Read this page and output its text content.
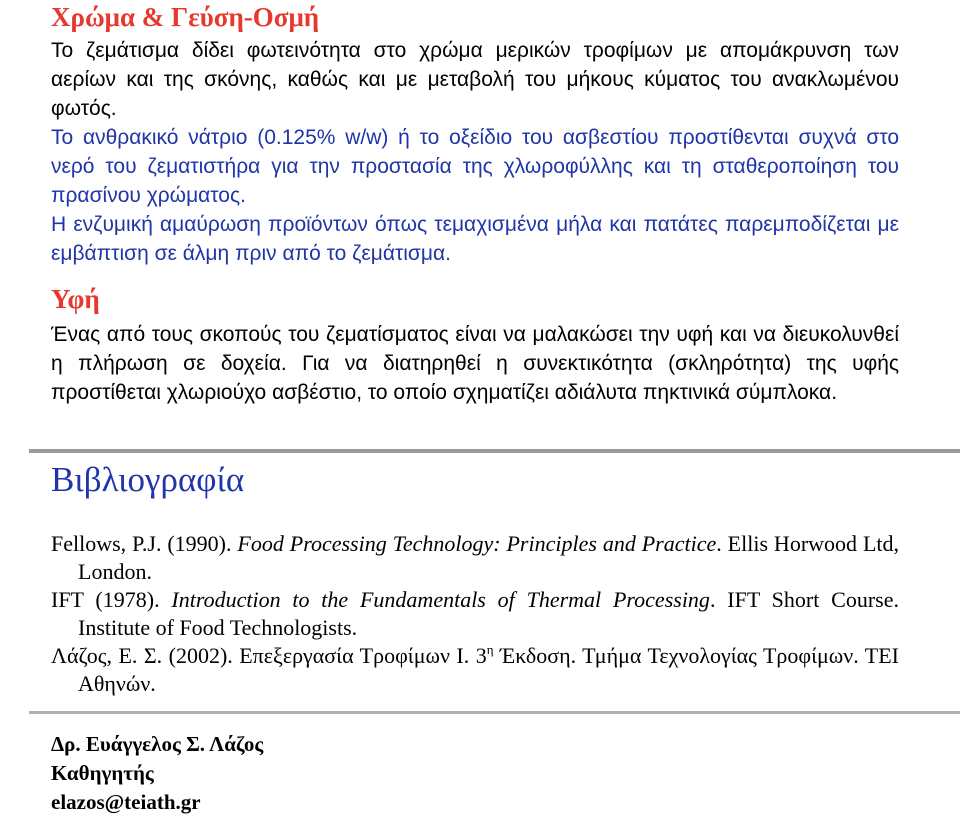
Χρώμα & Γεύση-Οσμή

Το ζεμάτισμα δίδει φωτεινότητα στο χρώμα μερικών τροφίμων με απομάκρυνση των αερίων και της σκόνης, καθώς και με μεταβολή του μήκους κύματος του ανακλωμένου φωτός.

Το ανθρακικό νάτριο (0.125% w/w) ή το οξείδιο του ασβεστίου προστίθενται συχνά στο νερό του ζεματιστήρα για την προστασία της χλωροφύλλης και τη σταθεροποίηση του πρασίνου χρώματος.

Η ενζυμική αμαύρωση προϊόντων όπως τεμαχισμένα μήλα και πατάτες παρεμποδίζεται με εμβάπτιση σε άλμη πριν από το ζεμάτισμα.

Υφή

Ένας από τους σκοπούς του ζεματίσματος είναι να μαλακώσει την υφή και να διευκολυνθεί η πλήρωση σε δοχεία. Για να διατηρηθεί η συνεκτικότητα (σκληρότητα) της υφής προστίθεται χλωριούχο ασβέστιο, το οποίο σχηματίζει αδιάλυτα πηκτινικά σύμπλοκα.

Βιβλιογραφία

Fellows, P.J. (1990). Food Processing Technology: Principles and Practice. Ellis Horwood Ltd, London.

IFT (1978). Introduction to the Fundamentals of Thermal Processing. IFT Short Course. Institute of Food Technologists.

Λάζος, Ε. Σ. (2002). Επεξεργασία Τροφίμων Ι. $3^\eta$ Έκδοση. Τμήμα Τεχνολογίας Τροφίμων. ΤΕΙ Αθηνών.

Δρ. Ευάγγελος Σ. Λάζος

Καθηγητής

elazos@teiath.gr
